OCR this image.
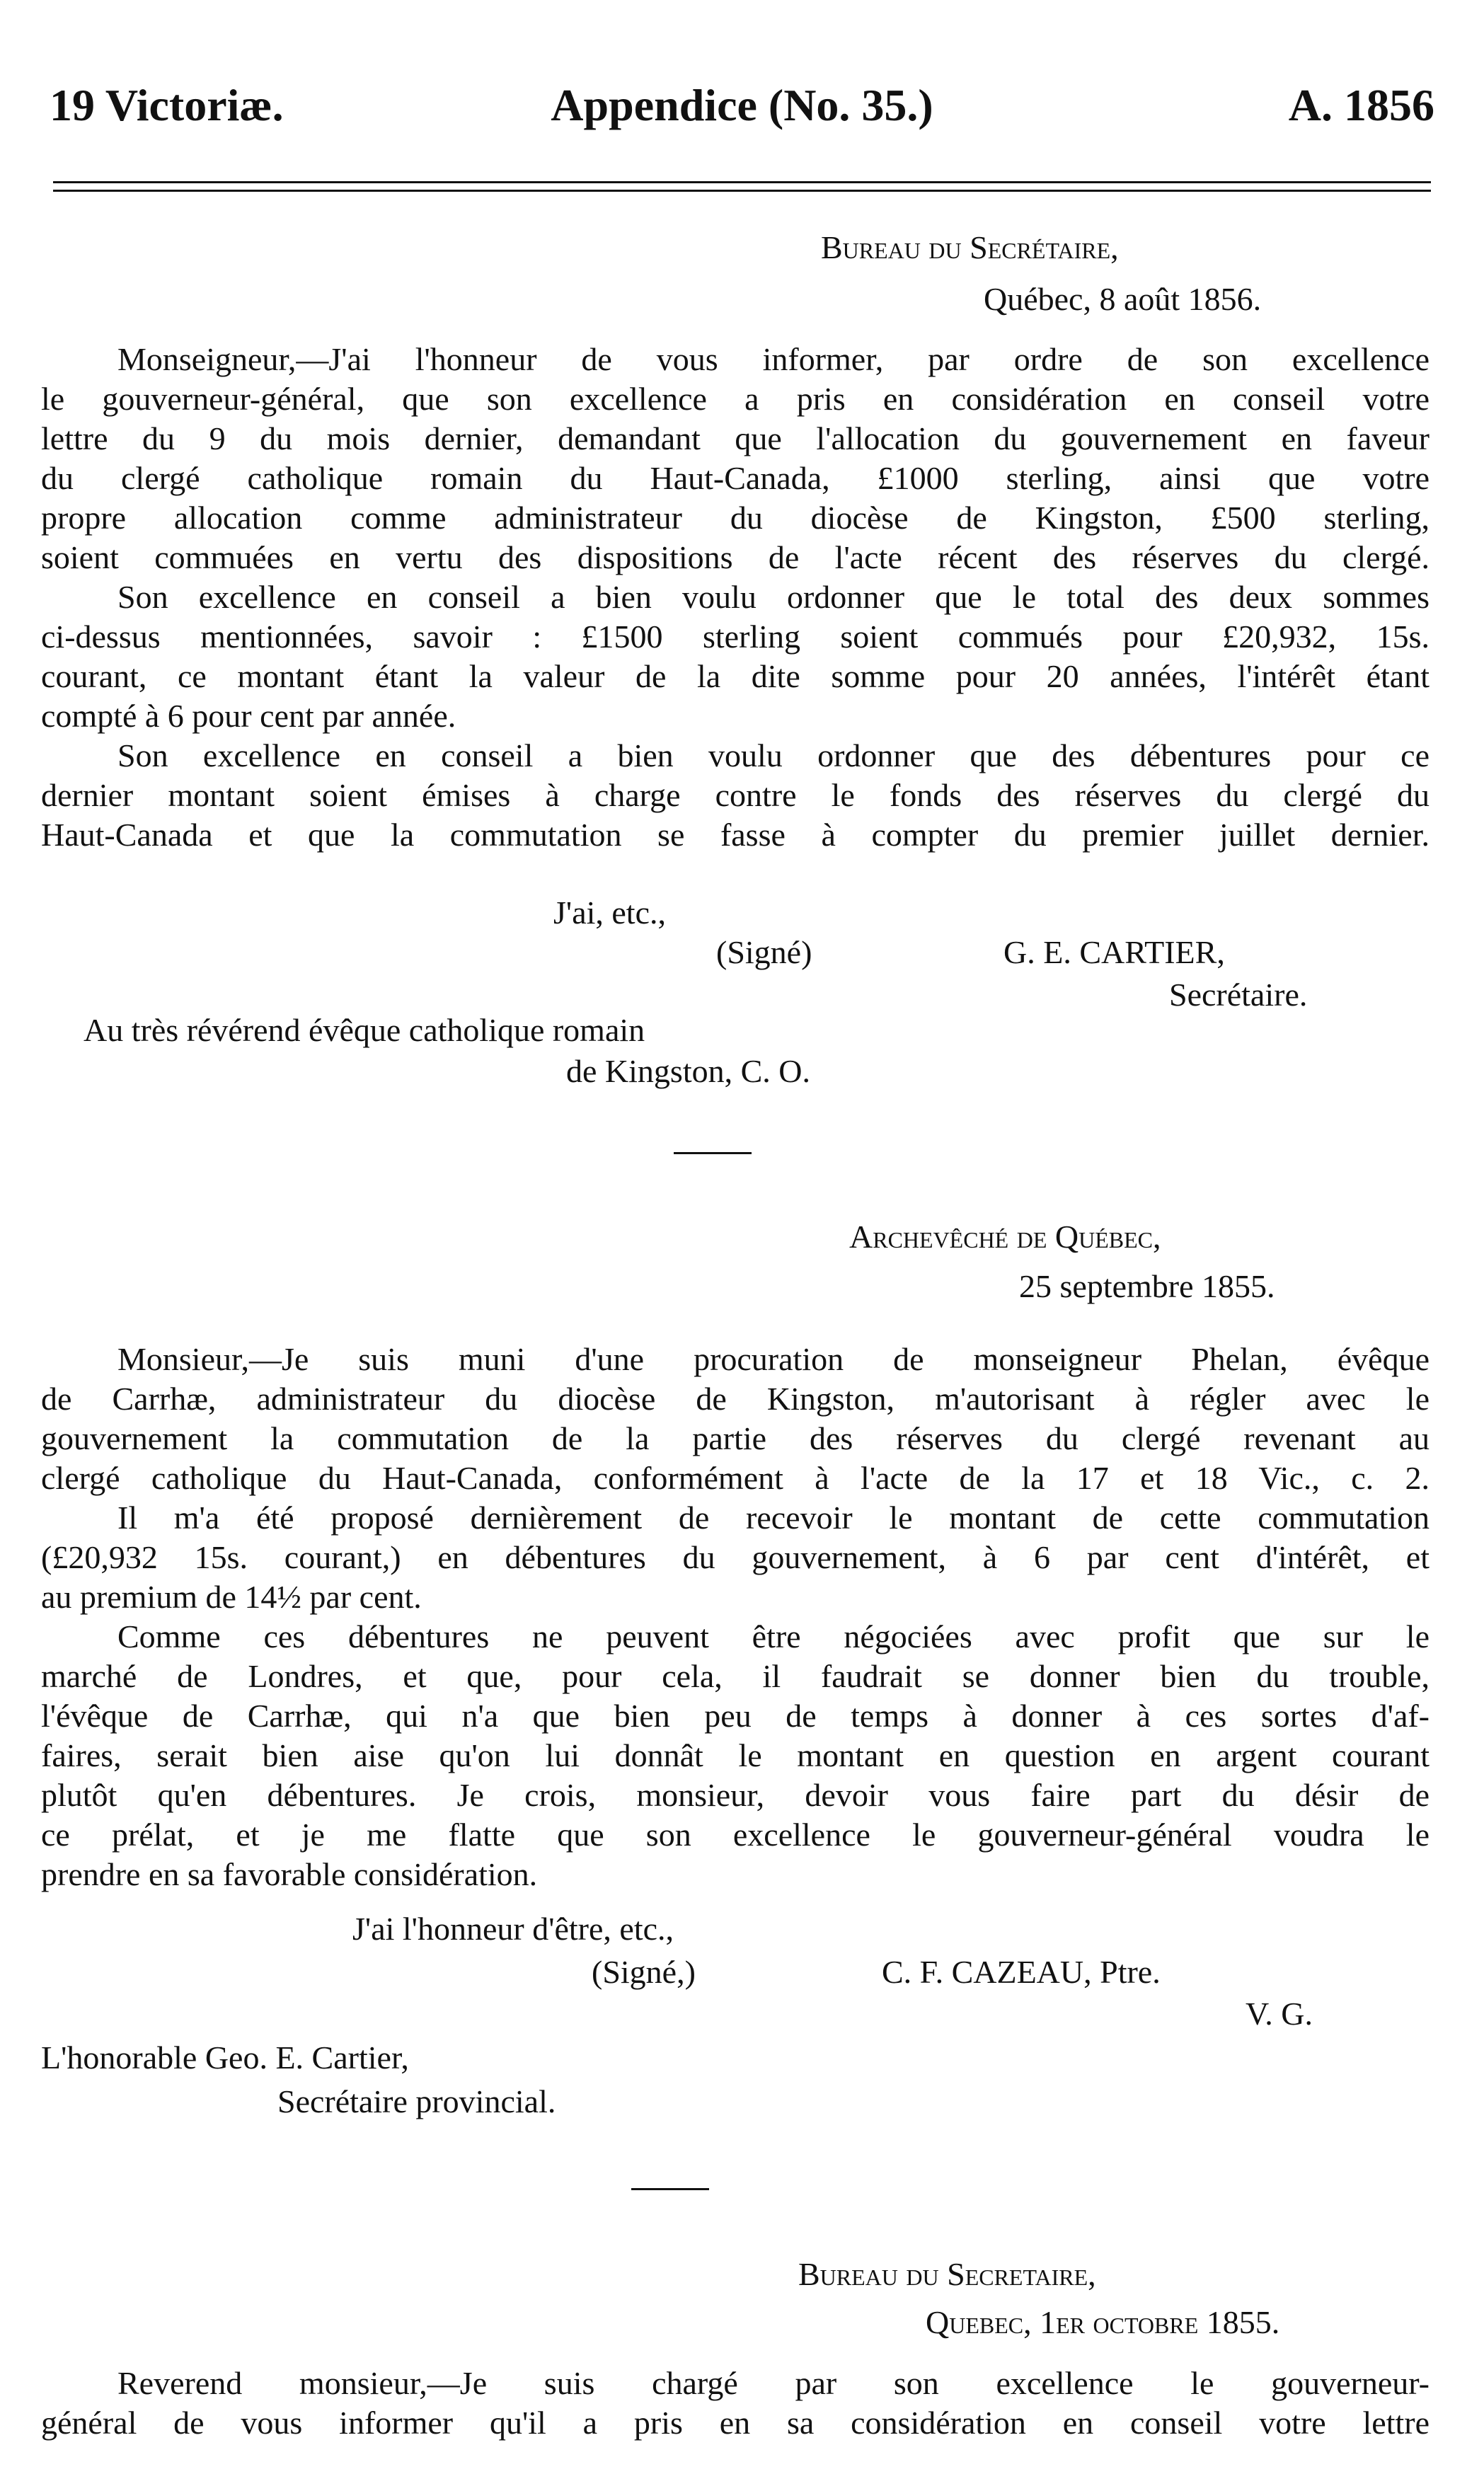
19 Victoriæ.	Appendice (No. 35.)	A. 1856
Bureau du Secrétaire,
Québec, 8 août 1856.
Monseigneur,—J'ai l'honneur de vous informer, par ordre de son excellence
le gouverneur-général, que son excellence a pris en considération en conseil votre
lettre du 9 du mois dernier, demandant que l'allocation du gouvernement en faveur
du clergé catholique romain du Haut-Canada, £1000 sterling, ainsi que votre
propre allocation comme administrateur du diocèse de Kingston, £500 sterling,
soient commuées en vertu des dispositions de l'acte récent des réserves du clergé.
Son excellence en conseil a bien voulu ordonner que le total des deux sommes
ci-dessus mentionnées, savoir : £1500 sterling soient commués pour £20,932, 15s.
courant, ce montant étant la valeur de la dite somme pour 20 années, l'intérêt étant
compté à 6 pour cent par année.
Son excellence en conseil a bien voulu ordonner que des débentures pour ce
dernier montant soient émises à charge contre le fonds des réserves du clergé du
Haut-Canada et que la commutation se fasse à compter du premier juillet dernier.
J'ai, etc.,
(Signé)	G. E. CARTIER,
Secrétaire.
Au très révérend évêque catholique romain
de Kingston, C. O.
Archevêché de Québec,
25 septembre 1855.
Monsieur,—Je suis muni d'une procuration de monseigneur Phelan, évêque
de Carrhæ, administrateur du diocèse de Kingston, m'autorisant à régler avec le
gouvernement la commutation de la partie des réserves du clergé revenant au
clergé catholique du Haut-Canada, conformément à l'acte de la 17 et 18 Vic., c. 2.
Il m'a été proposé dernièrement de recevoir le montant de cette commutation
(£20,932 15s. courant,) en débentures du gouvernement, à 6 par cent d'intérêt, et
au premium de 14½ par cent.
Comme ces débentures ne peuvent être négociées avec profit que sur le
marché de Londres, et que, pour cela, il faudrait se donner bien du trouble,
l'évêque de Carrhæ, qui n'a que bien peu de temps à donner à ces sortes d'af-
faires, serait bien aise qu'on lui donnât le montant en question en argent courant
plutôt qu'en débentures. Je crois, monsieur, devoir vous faire part du désir de
ce prélat, et je me flatte que son excellence le gouverneur-général voudra le
prendre en sa favorable considération.
J'ai l'honneur d'être, etc.,
(Signé,)	C. F. CAZEAU, Ptre.
V. G.
L'honorable Geo. E. Cartier,
Secrétaire provincial.
Bureau du Secretaire,
Quebec, 1er octobre 1855.
Reverend monsieur,—Je suis chargé par son excellence le gouverneur-
général de vous informer qu'il a pris en sa considération en conseil votre lettre
